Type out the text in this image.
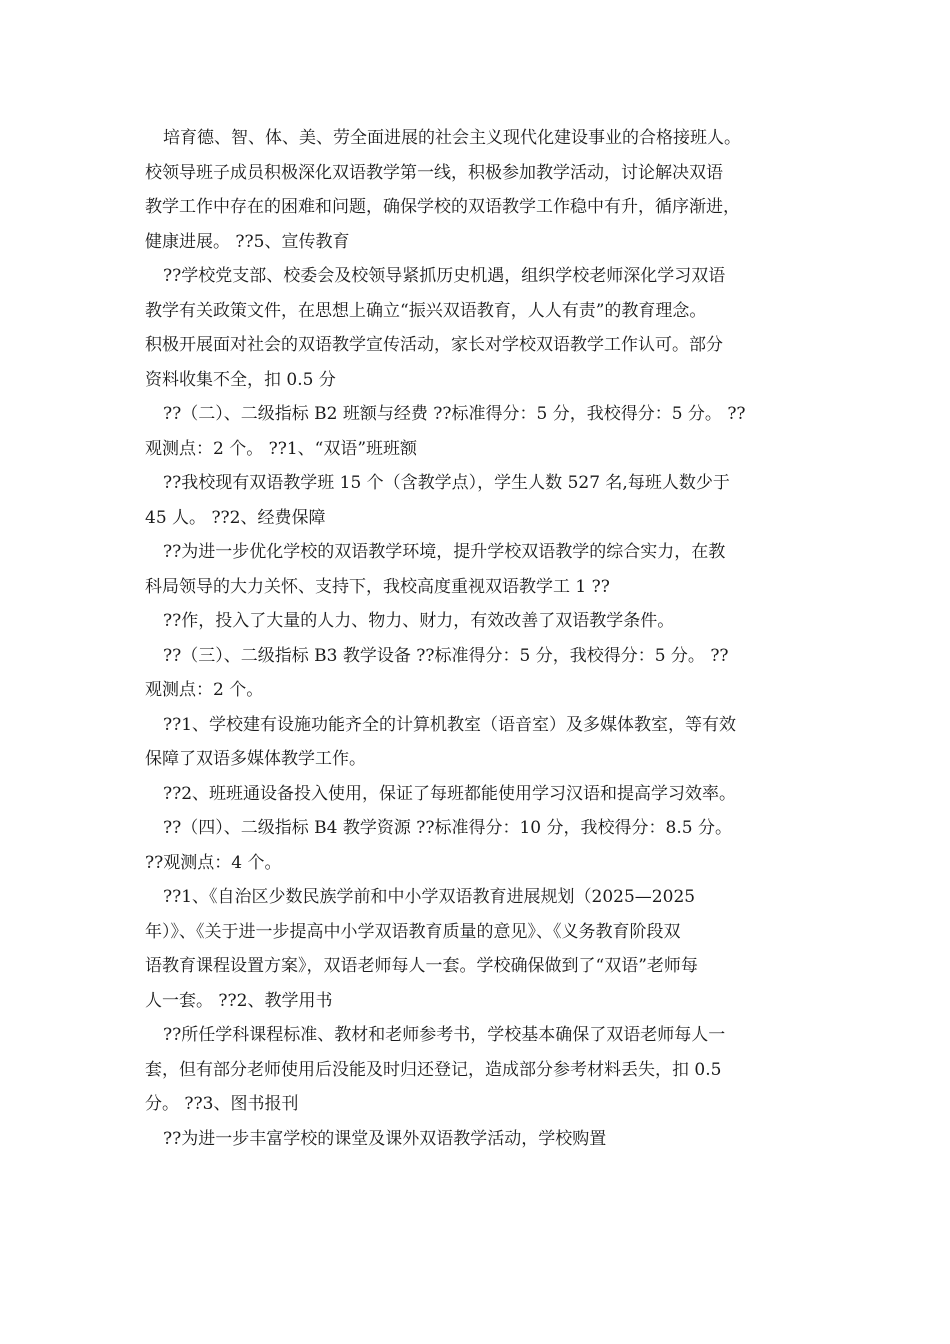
培育德、智、体、美、劳全面进展的社会主义现代化建设事业的合格接班人。
校领导班子成员积极深化双语教学第一线，积极参加教学活动，讨论解决双语
教学工作中存在的困难和问题，确保学校的双语教学工作稳中有升，循序渐进，
健康进展。 ??5、宣传教育
??学校党支部、校委会及校领导紧抓历史机遇，组织学校老师深化学习双语
教学有关政策文件，在思想上确立“振兴双语教育，人人有责”的教育理念。
积极开展面对社会的双语教学宣传活动，家长对学校双语教学工作认可。部分
资料收集不全，扣 0.5 分
??（二）、二级指标 B2 班额与经费 ??标准得分：5 分，我校得分：5 分。 ??
观测点：2 个。 ??1、“双语”班班额
??我校现有双语教学班 15 个（含教学点），学生人数 527 名,每班人数少于
45 人。 ??2、经费保障
??为进一步优化学校的双语教学环境，提升学校双语教学的综合实力，在教
科局领导的大力关怀、支持下，我校高度重视双语教学工 1 ??
??作，投入了大量的人力、物力、财力，有效改善了双语教学条件。
??（三）、二级指标 B3 教学设备 ??标准得分：5 分，我校得分：5 分。 ??
观测点：2 个。
??1、学校建有设施功能齐全的计算机教室（语音室）及多媒体教室，等有效
保障了双语多媒体教学工作。
??2、班班通设备投入使用，保证了每班都能使用学习汉语和提高学习效率。
??（四）、二级指标 B4 教学资源 ??标准得分：10 分，我校得分：8.5 分。
??观测点：4 个。
??1、《自治区少数民族学前和中小学双语教育进展规划（2025—2025
年）》、《关于进一步提高中小学双语教育质量的意见》、《义务教育阶段双
语教育课程设置方案》，双语老师每人一套。学校确保做到了“双语”老师每
人一套。 ??2、教学用书
??所任学科课程标准、教材和老师参考书，学校基本确保了双语老师每人一
套，但有部分老师使用后没能及时归还登记，造成部分参考材料丢失，扣 0.5
分。 ??3、图书报刊
??为进一步丰富学校的课堂及课外双语教学活动，学校购置
